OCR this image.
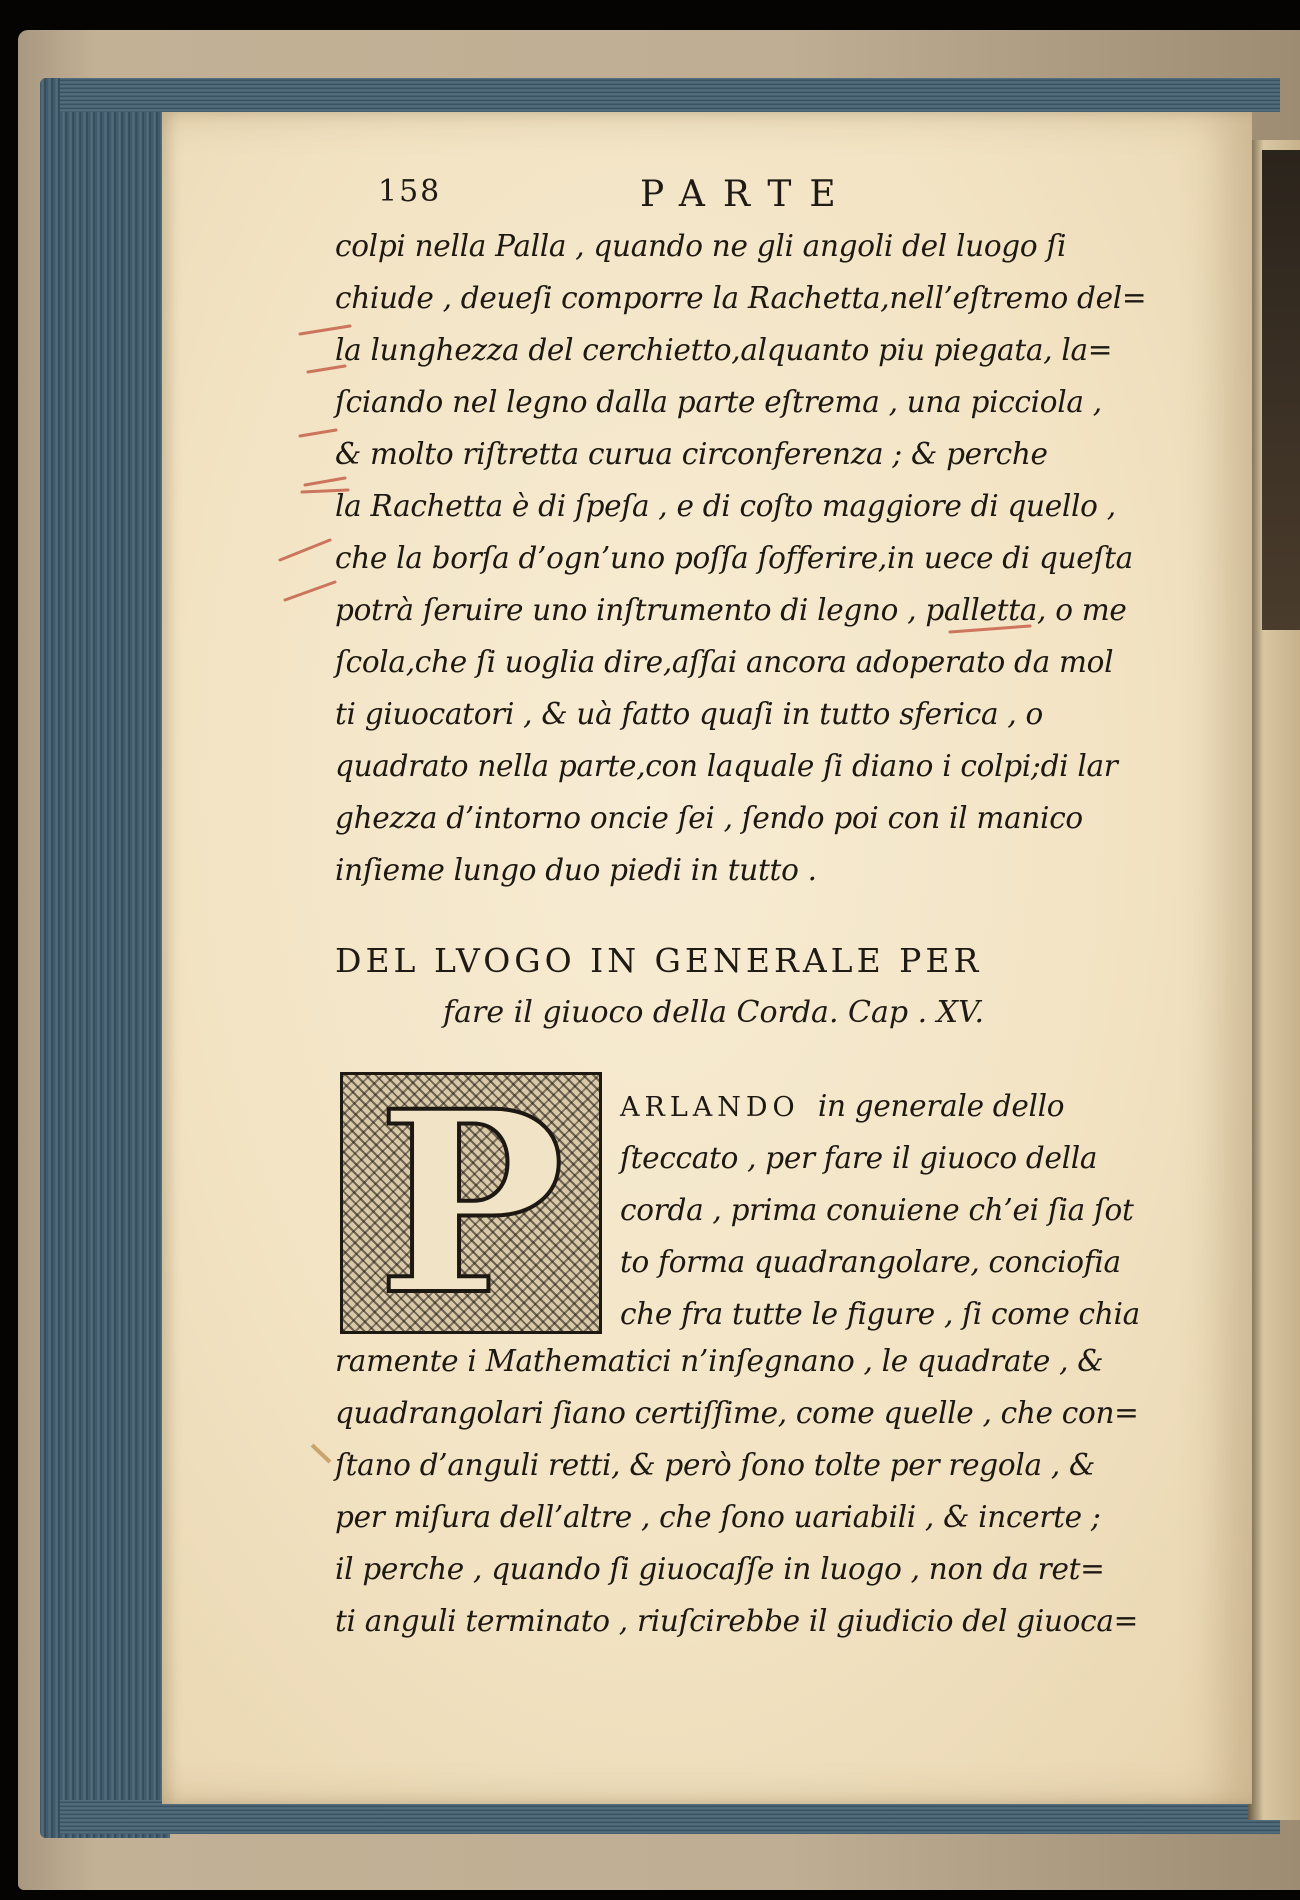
158	PARTE
colpi nella Palla , quando ne gli angoli del luogo ſi
chiude , deueſi comporre la Rachetta,nell’eſtremo del=
la lunghezza del cerchietto,alquanto piu piegata, la=
ſciando nel legno dalla parte eſtrema , una picciola ,
& molto riſtretta curua circonferenza ; & perche
la Rachetta è di ſpeſa , e di coſto maggiore di quello ,
che la borſa d’ogn’uno poſſa ſofferire,in uece di queſta
potrà ſeruire uno inſtrumento di legno , palletta, o me
ſcola,che ſi uoglia dire,aſſai ancora adoperato da mol
ti giuocatori , & uà fatto quaſi in tutto sferica , o
quadrato nella parte,con laquale ſi diano i colpi;di lar
ghezza d’intorno oncie ſei , ſendo poi con il manico
inſieme lungo duo piedi in tutto .
DEL LVOGO IN GENERALE PER
fare il giuoco della Corda. Cap . XV.
P	ARLANDO in generale dello
ſteccato , per fare il giuoco della
corda , prima conuiene ch’ei ſia ſot
to forma quadrangolare, conciofia
che fra tutte le figure , ſi come chia
ramente i Mathematici n’inſegnano , le quadrate , &
quadrangolari ſiano certiſſime, come quelle , che con=
ſtano d’anguli retti, & però ſono tolte per regola , &
per miſura dell’altre , che ſono uariabili , & incerte ;
il perche , quando ſi giuocaſſe in luogo , non da ret=
ti anguli terminato , riuſcirebbe il giudicio del giuoca=
